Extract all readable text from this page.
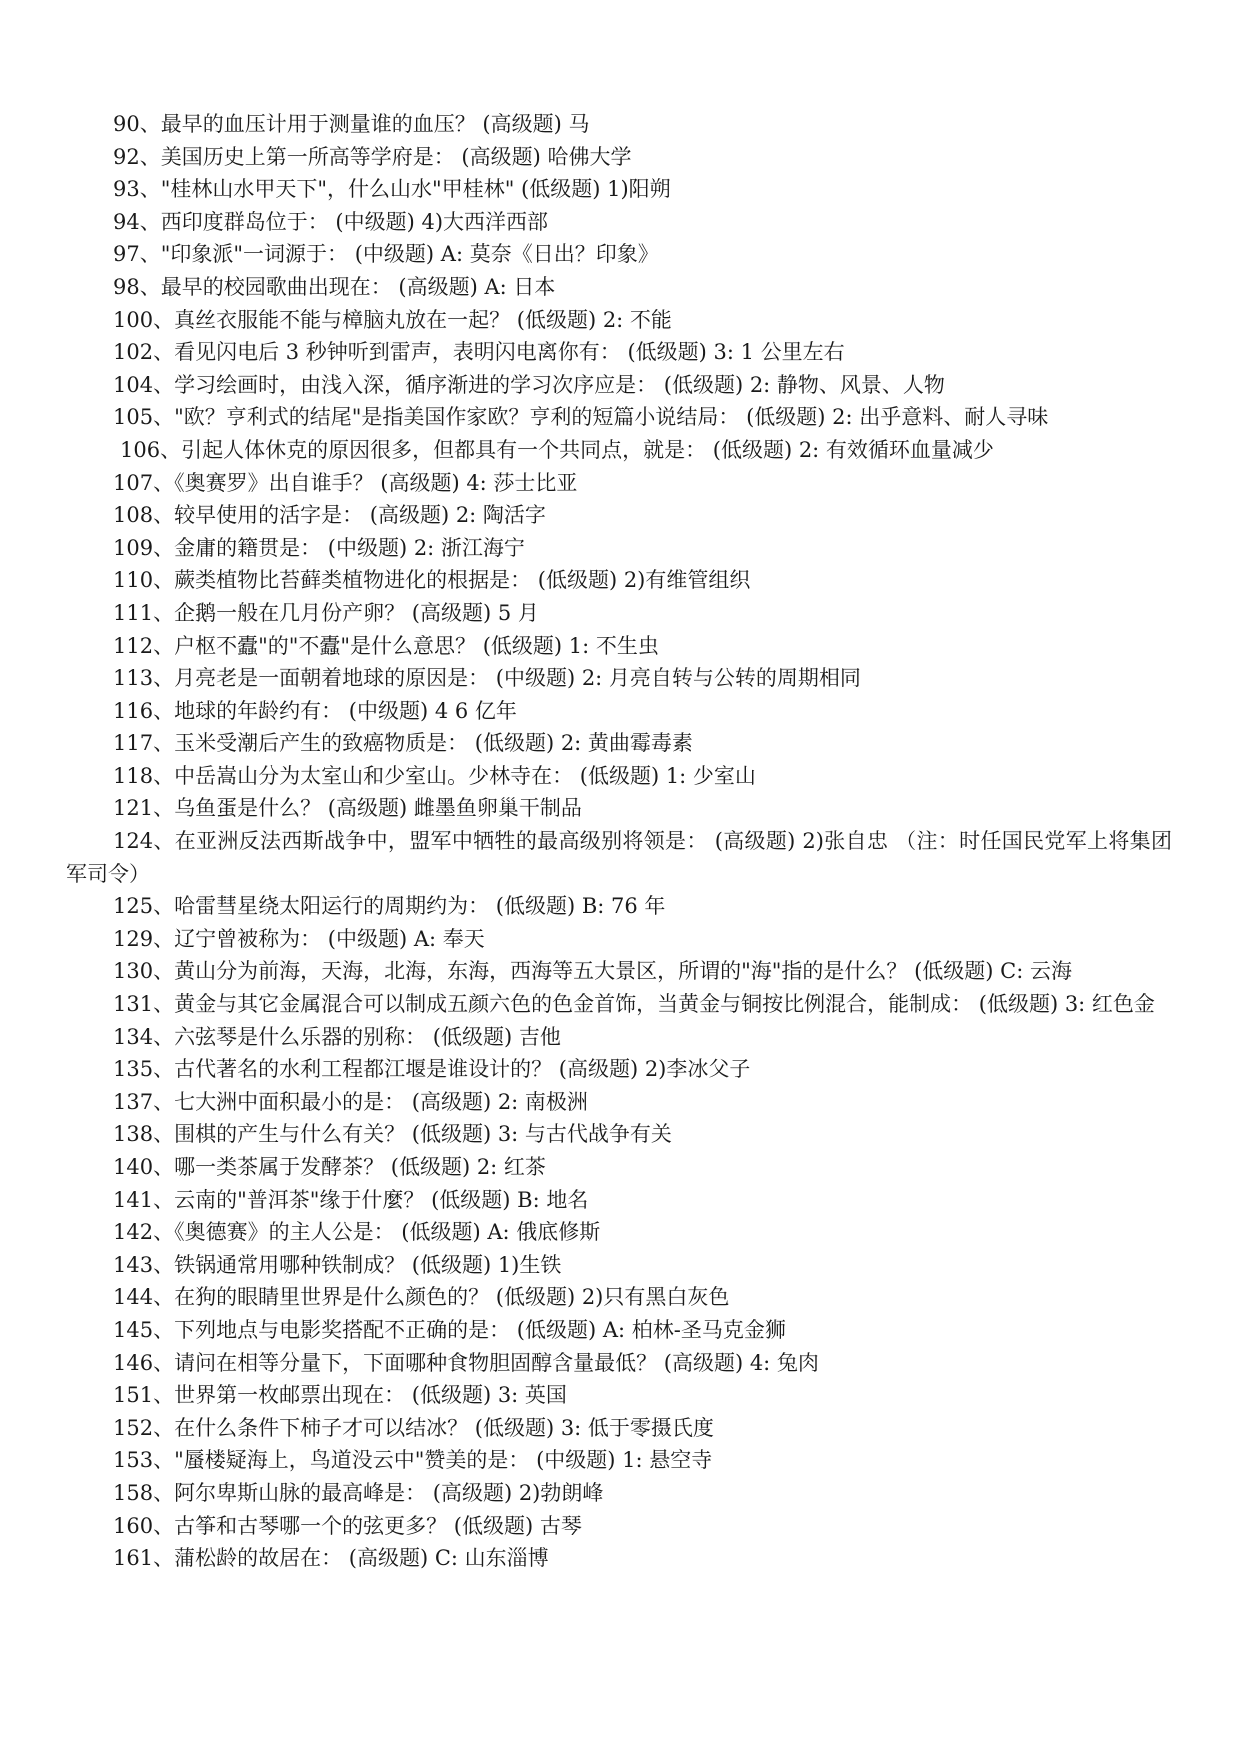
90、最早的血压计用于测量谁的血压？ (高级题) 马

92、美国历史上第一所高等学府是： (高级题) 哈佛大学

93、"桂林山水甲天下"，什么山水"甲桂林" (低级题) 1)阳朔

94、西印度群岛位于： (中级题) 4)大西洋西部

97、"印象派"一词源于： (中级题) A: 莫奈《日出？印象》

98、最早的校园歌曲出现在： (高级题) A: 日本

100、真丝衣服能不能与樟脑丸放在一起？ (低级题) 2: 不能

102、看见闪电后 3 秒钟听到雷声，表明闪电离你有： (低级题) 3: 1 公里左右

104、学习绘画时，由浅入深，循序渐进的学习次序应是： (低级题) 2: 静物、风景、人物

105、"欧？亨利式的结尾"是指美国作家欧？亨利的短篇小说结局： (低级题) 2: 出乎意料、耐人寻味

106、引起人体休克的原因很多，但都具有一个共同点，就是： (低级题) 2: 有效循环血量减少

107、《奥赛罗》出自谁手？ (高级题) 4: 莎士比亚

108、较早使用的活字是： (高级题) 2: 陶活字

109、金庸的籍贯是： (中级题) 2: 浙江海宁

110、蕨类植物比苔藓类植物进化的根据是： (低级题) 2)有维管组织

111、企鹅一般在几月份产卵？ (高级题) 5 月

112、户枢不蠹"的"不蠹"是什么意思？ (低级题) 1: 不生虫

113、月亮老是一面朝着地球的原因是： (中级题) 2: 月亮自转与公转的周期相同

116、地球的年龄约有： (中级题) 4 6 亿年

117、玉米受潮后产生的致癌物质是： (低级题) 2: 黄曲霉毒素

118、中岳嵩山分为太室山和少室山。少林寺在： (低级题) 1: 少室山

121、乌鱼蛋是什么？ (高级题) 雌墨鱼卵巢干制品

124、在亚洲反法西斯战争中，盟军中牺牲的最高级别将领是： (高级题) 2)张自忠 （注：时任国民党军上将集团军司令）

125、哈雷彗星绕太阳运行的周期约为： (低级题) B: 76 年

129、辽宁曾被称为： (中级题) A: 奉天

130、黄山分为前海，天海，北海，东海，西海等五大景区，所谓的"海"指的是什么？ (低级题) C: 云海

131、黄金与其它金属混合可以制成五颜六色的色金首饰，当黄金与铜按比例混合，能制成： (低级题) 3: 红色金

134、六弦琴是什么乐器的别称： (低级题) 吉他

135、古代著名的水利工程都江堰是谁设计的？ (高级题) 2)李冰父子

137、七大洲中面积最小的是： (高级题) 2: 南极洲

138、围棋的产生与什么有关？ (低级题) 3: 与古代战争有关

140、哪一类茶属于发酵茶？ (低级题) 2: 红茶

141、云南的"普洱茶"缘于什麼？ (低级题) B: 地名

142、《奥德赛》的主人公是： (低级题) A: 俄底修斯

143、铁锅通常用哪种铁制成？ (低级题) 1)生铁

144、在狗的眼睛里世界是什么颜色的？ (低级题) 2)只有黑白灰色

145、下列地点与电影奖搭配不正确的是： (低级题) A: 柏林-圣马克金狮

146、请问在相等分量下，下面哪种食物胆固醇含量最低？ (高级题) 4: 兔肉

151、世界第一枚邮票出现在： (低级题) 3: 英国

152、在什么条件下柿子才可以结冰？ (低级题) 3: 低于零摄氏度

153、"蜃楼疑海上，鸟道没云中"赞美的是： (中级题) 1: 悬空寺

158、阿尔卑斯山脉的最高峰是： (高级题) 2)勃朗峰

160、古筝和古琴哪一个的弦更多？ (低级题) 古琴

161、蒲松龄的故居在： (高级题) C: 山东淄博
